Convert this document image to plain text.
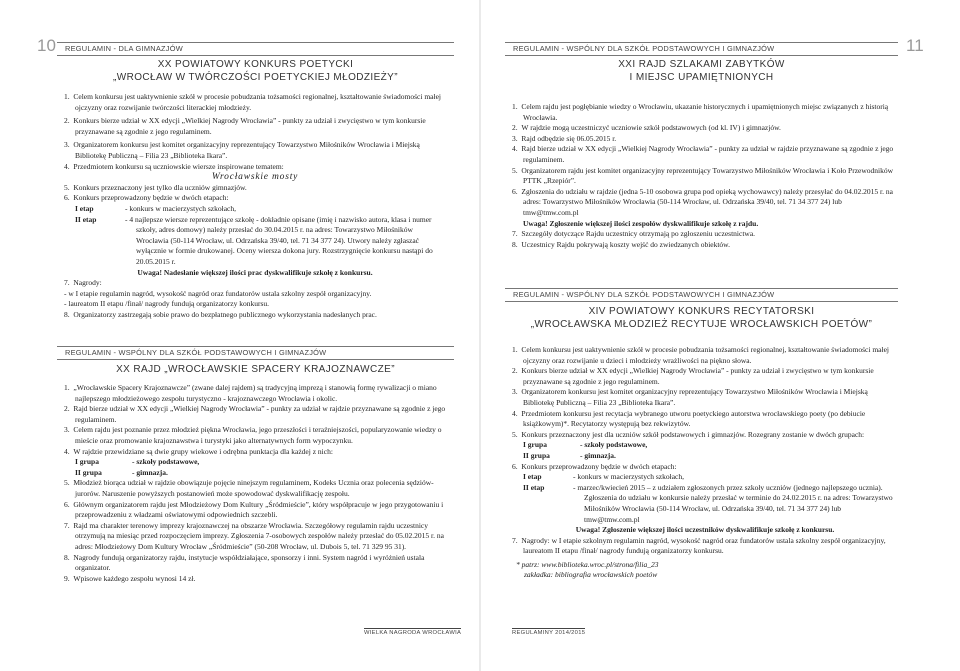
10	REGULAMIN - DLA GIMNAZJÓW
XX POWIATOWY KONKURS POETYCKI
„WROCŁAW W TWÓRCZOŚCI POETYCKIEJ MŁODZIEŻY”

1.  Celem konkursu jest uaktywnienie szkół w procesie pobudzania tożsamości regionalnej, kształtowanie świadomości małej ojczyzny oraz rozwijanie twórczości literackiej młodzieży.

2.  Konkurs bierze udział w XX edycji „Wielkiej Nagrody Wrocławia” - punkty za udział i zwycięstwo w tym konkursie przyznawane są zgodnie z jego regulaminem.

3.  Organizatorem konkursu jest komitet organizacyjny reprezentujący Towarzystwo Miłośników Wrocławia i Miejską Bibliotekę Publiczną – Filia 23 „Biblioteka Ikara”.

4.  Przedmiotem konkursu są uczniowskie wiersze inspirowane tematem:

Wrocławskie mosty

5.  Konkurs przeznaczony jest tylko dla uczniów gimnazjów.

6.  Konkurs przeprowadzony będzie w dwóch etapach:

I etap	- konkurs w macierzystych szkołach,
II etap	- 4 najlepsze wiersze reprezentujące szkołę - dokładnie opisane (imię i nazwisko autora, klasa i numer szkoły, adres domowy) należy przesłać do 30.04.2015 r. na adres: Towarzystwo Miłośników Wrocławia (50-114 Wrocław, ul. Odrzańska 39/40, tel. 71 34 377 24). Utwory należy zgłaszać wyłącznie w formie drukowanej. Oceny wiersza dokona jury. Rozstrzygnięcie konkursu nastąpi do 20.05.2015 r.

Uwaga! Nadesłanie większej ilości prac dyskwalifikuje szkołę z konkursu.

7.  Nagrody:

- w I etapie regulamin nagród, wysokość nagród oraz fundatorów ustala szkolny zespół organizacyjny.

- laureatom II etapu /finał/ nagrody fundują organizatorzy konkursu.

8.  Organizatorzy zastrzegają sobie prawo do bezpłatnego publicznego wykorzystania nadesłanych prac.

REGULAMIN - WSPÓLNY DLA SZKÓŁ PODSTAWOWYCH I GIMNAZJÓW
XX RAJD „WROCŁAWSKIE SPACERY KRAJOZNAWCZE”

1.  „Wrocławskie Spacery Krajoznawcze” (zwane dalej rajdem) są tradycyjną imprezą i stanowią formę rywalizacji o miano najlepszego młodzieżowego zespołu turystyczno - krajoznawczego Wrocławia i okolic.

2.  Rajd bierze udział w XX edycji „Wielkiej Nagrody Wrocławia” - punkty za udział w rajdzie przyznawane są zgodnie z jego regulaminem.

3.  Celem rajdu jest poznanie przez młodzież piękna Wrocławia, jego przeszłości i teraźniejszości, popularyzowanie wiedzy o mieście oraz promowanie krajoznawstwa i turystyki jako alternatywnych form wypoczynku.

4.  W rajdzie przewidziane są dwie grupy wiekowe i odrębna punktacja dla każdej z nich:

I grupa	- szkoły podstawowe,
II grupa	- gimnazja.

5.  Młodzież biorąca udział w rajdzie obowiązuje pojęcie ninejszym regulaminem, Kodeks Ucznia oraz polecenia sędziów-jurorów. Naruszenie powyższych postanowień może spowodować dyskwalifikację zespołu.

6.  Głównym organizatorem rajdu jest Młodzieżowy Dom Kultury „Śródmieście”, który współpracuje w jego przygotowaniu i przeprowadzeniu z władzami oświatowymi odpowiednich szczebli.

7.  Rajd ma charakter terenowy imprezy krajoznawczej na obszarze Wrocławia. Szczegółowy regulamin rajdu uczestnicy otrzymują na miesiąc przed rozpoczęciem imprezy. Zgłoszenia 7-osobowych zespołów należy przesłać do 05.02.2015 r. na adres: Młodzieżowy Dom Kultury Wrocław „Śródmieście” (50-208 Wrocław, ul. Dubois 5, tel. 71 329 95 31).

8.  Nagrody fundują organizatorzy rajdu, instytucje współdziałające, sponsorzy i inni. System nagród i wyróżnień ustala organizator.

9.  Wpisowe każdego zespołu wynosi 14 zł.

WIELKA NAGRODA WROCŁAWIA
11
REGULAMIN - WSPÓLNY DLA SZKÓŁ PODSTAWOWYCH I GIMNAZJÓW
XXI RAJD SZLAKAMI ZABYTKÓW
I MIEJSC UPAMIĘTNIONYCH

1.  Celem rajdu jest pogłębianie wiedzy o Wrocławiu, ukazanie historycznych i upamiętnionych miejsc związanych z historią Wrocławia.

2.  W rajdzie mogą uczestniczyć uczniowie szkół podstawowych (od kl. IV) i gimnazjów.

3.  Rajd odbędzie się 06.05.2015 r.

4.  Rajd bierze udział w XX edycji „Wielkiej Nagrody Wrocławia” - punkty za udział w rajdzie przyznawane są zgodnie z jego regulaminem.

5.  Organizatorem rajdu jest komitet organizacyjny reprezentujący Towarzystwo Miłośników Wrocławia i Koło Przewodników PTTK „Rzepiór”.

6.  Zgłoszenia do udziału w rajdzie (jedna 5-10 osobowa grupa pod opieką wychowawcy) należy przesyłać do 04.02.2015 r. na adres: Towarzystwo Miłośników Wrocławia (50-114 Wrocław, ul. Odrzańska 39/40, tel. 71 34 377 24) lub tmw@tmw.com.pl

Uwaga! Zgłoszenie większej ilości zespołów dyskwalifikuje szkołę z rajdu.

7.  Szczegóły dotyczące Rajdu uczestnicy otrzymają po zgłoszeniu uczestnictwa.

8.  Uczestnicy Rajdu pokrywają koszty wejść do zwiedzanych obiektów.

REGULAMIN - WSPÓLNY DLA SZKÓŁ PODSTAWOWYCH I GIMNAZJÓW
XIV POWIATOWY KONKURS RECYTATORSKI
„WROCŁAWSKA MŁODZIEŻ RECYTUJE WROCŁAWSKICH POETÓW”

1.  Celem konkursu jest uaktywnienie szkół w procesie pobudzania tożsamości regionalnej, kształtowanie świadomości małej ojczyzny oraz rozwijanie u dzieci i młodzieży wrażliwości na piękno słowa.

2.  Konkurs bierze udział w XX edycji „Wielkiej Nagrody Wrocławia” - punkty za udział i zwycięstwo w tym konkursie przyznawane są zgodnie z jego regulaminem.

3.  Organizatorem konkursu jest komitet organizacyjny reprezentujący Towarzystwo Miłośników Wrocławia i Miejską Bibliotekę Publiczną – Filia 23 „Biblioteka Ikara”.

4.  Przedmiotem konkursu jest recytacja wybranego utworu poetyckiego autorstwa wrocławskiego poety (po debiucie książkowym)*. Recytatorzy występują bez rekwizytów.

5.  Konkurs przeznaczony jest dla uczniów szkół podstawowych i gimnazjów. Rozegrany zostanie w dwóch grupach:

I grupa	- szkoły podstawowe,
II grupa	- gimnazja.

6.  Konkurs przeprowadzony będzie w dwóch etapach:

I etap	- konkurs w macierzystych szkołach,
II etap	- marzec/kwiecień 2015 – z udziałem zgłoszonych przez szkoły uczniów (jednego najlepszego ucznia). Zgłoszenia do udziału w konkursie należy przesłać w terminie do 24.02.2015 r. na adres: Towarzystwo Miłośników Wrocławia (50-114 Wrocław, ul. Odrzańska 39/40, tel. 71 34 377 24) lub tmw@tmw.com.pl

Uwaga! Zgłoszenie większej ilości uczestników dyskwalifikuje szkołę z konkursu.

7.  Nagrody: w I etapie szkolnym regulamin nagród, wysokość nagród oraz fundatorów ustala szkolny zespół organizacyjny, laureatom II etapu /finał/ nagrody fundują organizatorzy konkursu.

* patrz: www.biblioteka.wroc.pl/strona/filia_23

zakładka: bibliografia wrocławskich poetów

REGULAMINY 2014/2015
